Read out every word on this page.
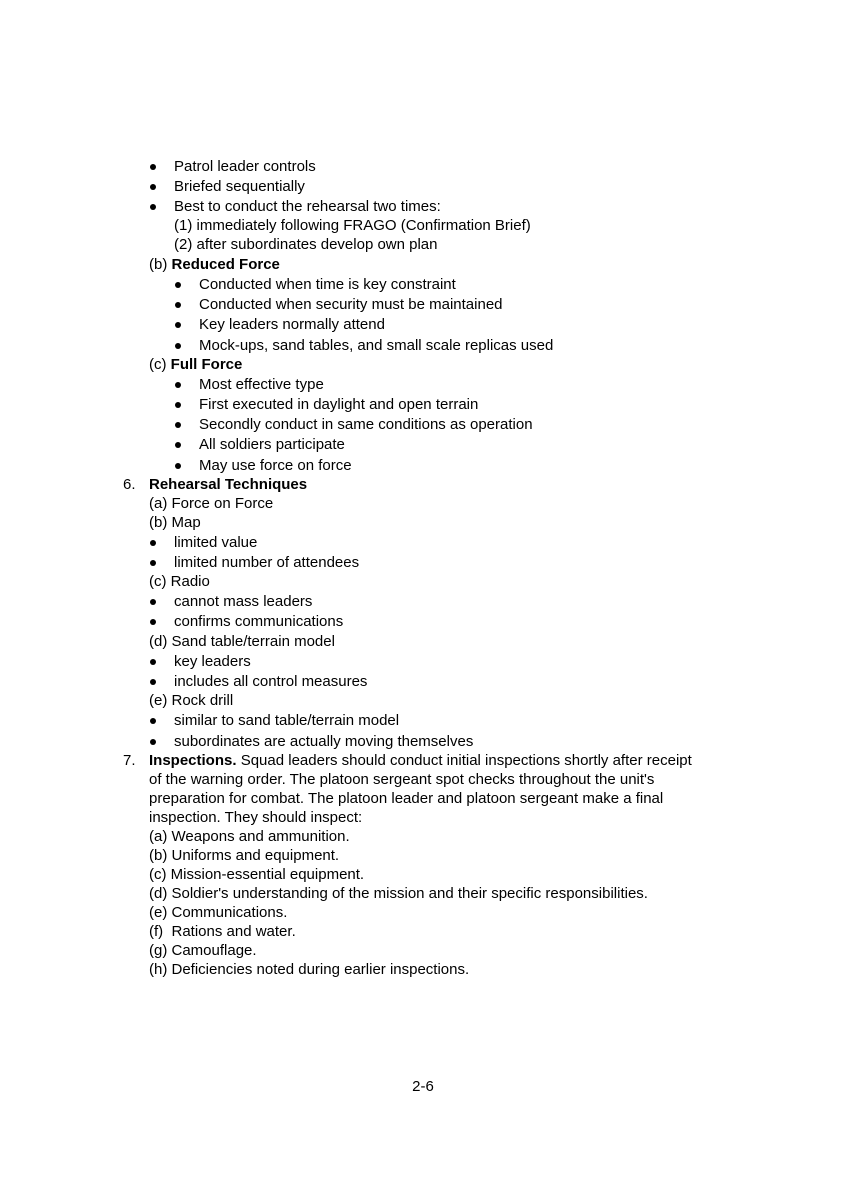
Patrol leader controls
Briefed sequentially
Best to conduct the rehearsal two times:
(1) immediately following FRAGO (Confirmation Brief)
(2) after subordinates develop own plan
(b) Reduced Force
Conducted when time is key constraint
Conducted when security must be maintained
Key leaders normally attend
Mock-ups, sand tables, and small scale replicas used
(c) Full Force
Most effective type
First executed in daylight and open terrain
Secondly conduct in same conditions as operation
All soldiers participate
May use force on force
6. Rehearsal Techniques
(a) Force on Force
(b) Map
limited value
limited number of attendees
(c) Radio
cannot mass leaders
confirms communications
(d) Sand table/terrain model
key leaders
includes all control measures
(e) Rock drill
similar to sand table/terrain model
subordinates are actually moving themselves
7. Inspections. Squad leaders should conduct initial inspections shortly after receipt
of the warning order. The platoon sergeant spot checks throughout the unit's
preparation for combat. The platoon leader and platoon sergeant make a final
inspection. They should inspect:
(a) Weapons and ammunition.
(b) Uniforms and equipment.
(c) Mission-essential equipment.
(d) Soldier's understanding of the mission and their specific responsibilities.
(e) Communications.
(f)  Rations and water.
(g) Camouflage.
(h) Deficiencies noted during earlier inspections.
2-6
